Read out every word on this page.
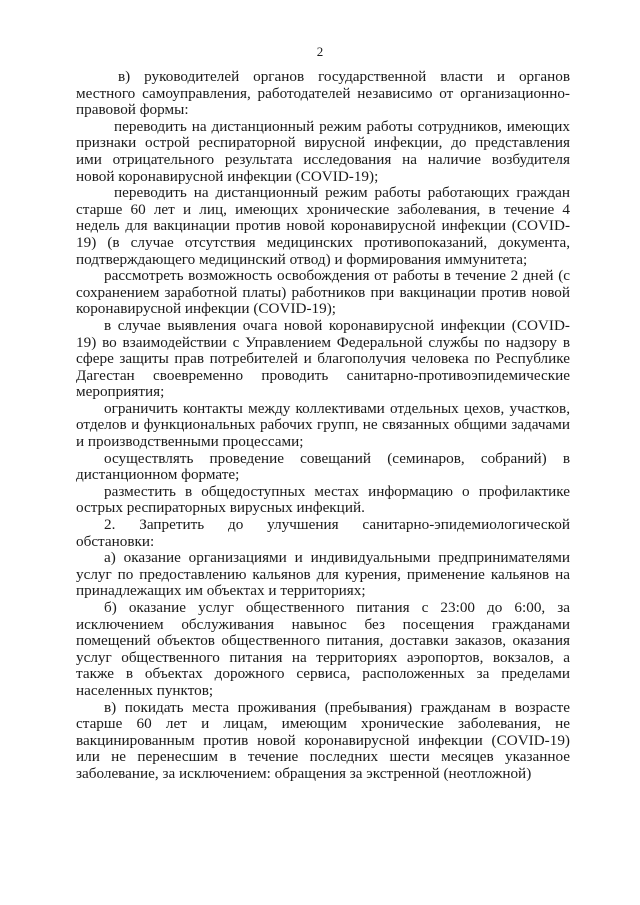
2

в) руководителей органов государственной власти и органов местного самоуправления, работодателей независимо от организационно-правовой формы:

переводить на дистанционный режим работы сотрудников, имеющих признаки острой респираторной вирусной инфекции, до представления ими отрицательного результата исследования на наличие возбудителя новой коронавирусной инфекции (COVID-19);

переводить на дистанционный режим работы работающих граждан старше 60 лет и лиц, имеющих хронические заболевания, в течение 4 недель для вакцинации против новой коронавирусной инфекции (COVID-19) (в случае отсутствия медицинских противопоказаний, документа, подтверждающего медицинский отвод) и формирования иммунитета;

рассмотреть возможность освобождения от работы в течение 2 дней (с сохранением заработной платы) работников при вакцинации против новой коронавирусной инфекции (COVID-19);

в случае выявления очага новой коронавирусной инфекции (COVID-19) во взаимодействии с Управлением Федеральной службы по надзору в сфере защиты прав потребителей и благополучия человека по Республике Дагестан своевременно проводить санитарно-противоэпидемические мероприятия;

ограничить контакты между коллективами отдельных цехов, участков, отделов и функциональных рабочих групп, не связанных общими задачами и производственными процессами;

осуществлять проведение совещаний (семинаров, собраний) в дистанционном формате;

разместить в общедоступных местах информацию о профилактике острых респираторных вирусных инфекций.

2. Запретить до улучшения санитарно-эпидемиологической обстановки:

а) оказание организациями и индивидуальными предпринимателями услуг по предоставлению кальянов для курения, применение кальянов на принадлежащих им объектах и территориях;

б) оказание услуг общественного питания с 23:00 до 6:00, за исключением обслуживания навынос без посещения гражданами помещений объектов общественного питания, доставки заказов, оказания услуг общественного питания на территориях аэропортов, вокзалов, а также в объектах дорожного сервиса, расположенных за пределами населенных пунктов;

в) покидать места проживания (пребывания) гражданам в возрасте старше 60 лет и лицам, имеющим хронические заболевания, не вакцинированным против новой коронавирусной инфекции (COVID-19) или не перенесшим в течение последних шести месяцев указанное заболевание, за исключением: обращения за экстренной (неотложной)
